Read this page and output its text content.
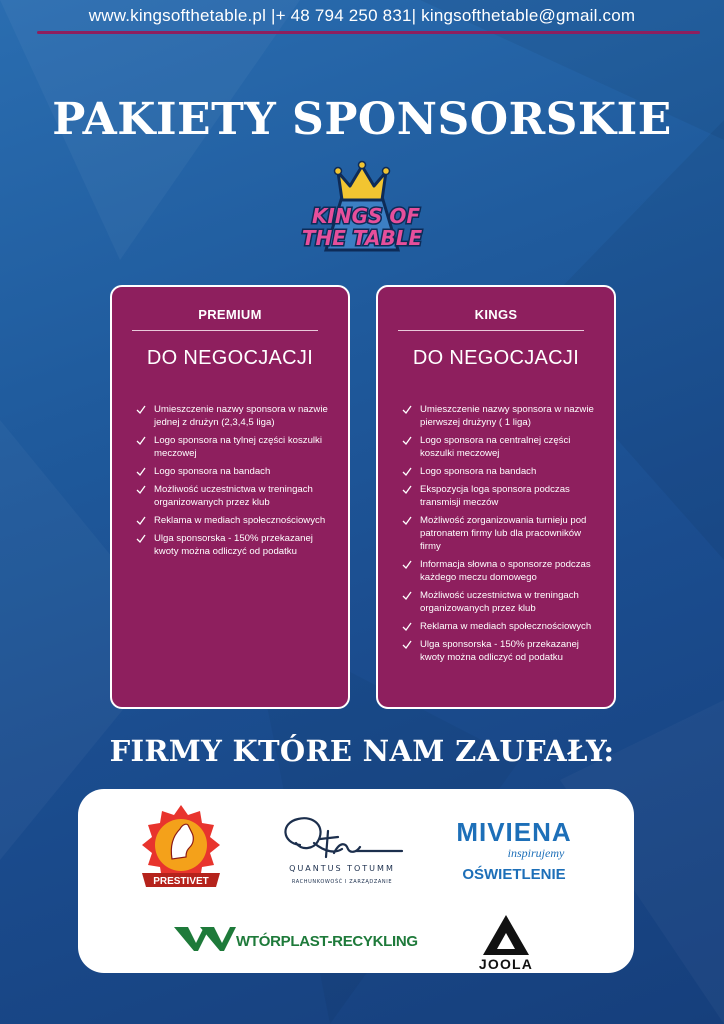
www.kingsofthetable.pl |+ 48 794 250 831| kingsofthetable@gmail.com
PAKIETY SPONSORSKIE
KINGS OF
THE TABLE
PREMIUM
DO NEGOCJACJI
Umieszczenie nazwy sponsora w nazwie jednej z drużyn (2,3,4,5 liga)
Logo sponsora na tylnej części koszulki meczowej
Logo sponsora na bandach
Możliwość uczestnictwa w treningach organizowanych przez klub
Reklama w mediach społecznościowych
Ulga sponsorska - 150% przekazanej kwoty można odliczyć od podatku
KINGS
DO NEGOCJACJI
Umieszczenie nazwy sponsora w nazwie pierwszej drużyny ( 1 liga)
Logo sponsora na centralnej części koszulki meczowej
Logo sponsora na bandach
Ekspozycja loga sponsora podczas transmisji meczów
Możliwość zorganizowania turnieju pod patronatem firmy lub dla pracowników firmy
Informacja słowna o sponsorze podczas każdego meczu domowego
Możliwość uczestnictwa w treningach organizowanych przez klub
Reklama w mediach społecznościowych
Ulga sponsorska - 150% przekazanej kwoty można odliczyć od podatku
FIRMY KTÓRE NAM ZAUFAŁY:
PRESTIVET
QUANTUS TOTUMM
RACHUNKOWOŚĆ I ZARZĄDZANIE
MIVIENA
inspirujemy
OŚWIETLENIE
WTÓRPLAST-RECYKLING
JOOLA
